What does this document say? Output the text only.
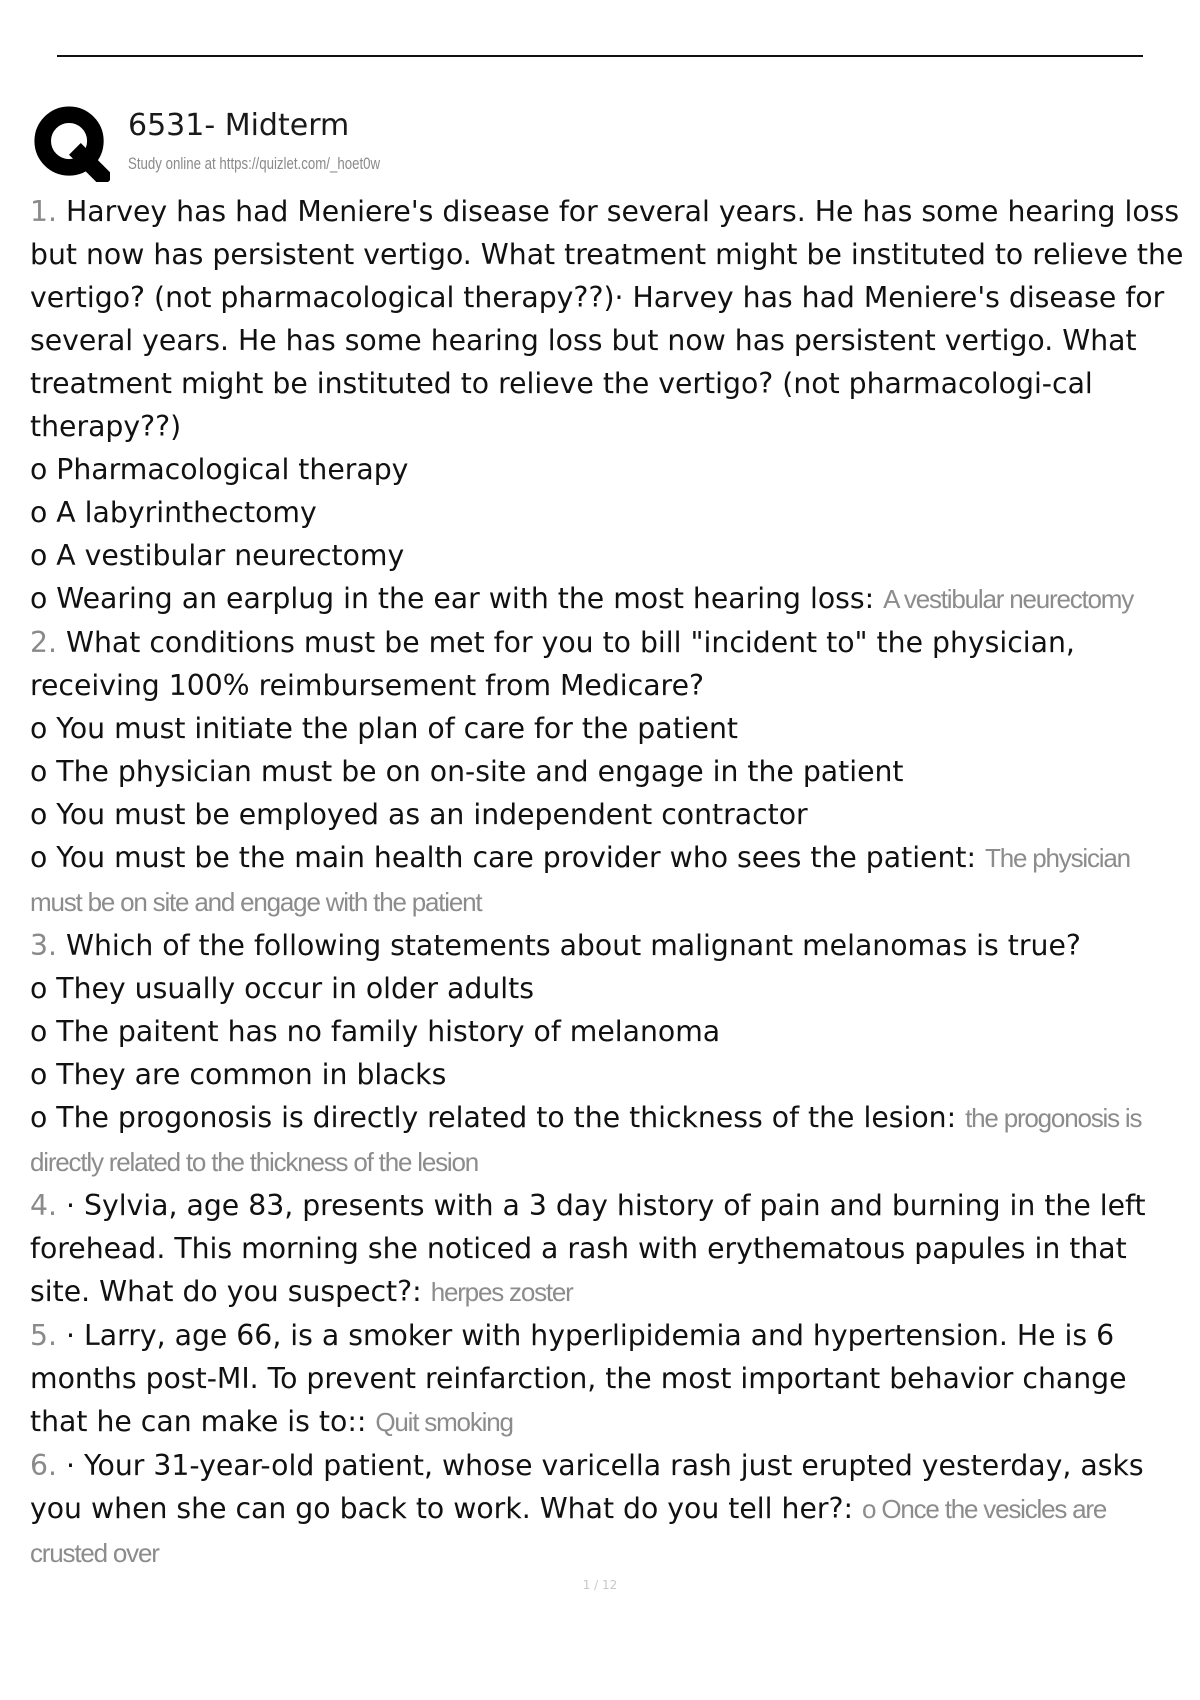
6531- Midterm
Study online at https://quizlet.com/_hoet0w

1. Harvey has had Meniere's disease for several years. He has some hearing loss but now has persistent vertigo. What treatment might be instituted to relieve the vertigo? (not pharmacological therapy??)· Harvey has had Meniere's disease for several years. He has some hearing loss but now has persistent vertigo. What treatment might be instituted to relieve the vertigo? (not pharmacologi-cal therapy??)

o Pharmacological therapy

o A labyrinthectomy

o A vestibular neurectomy

o Wearing an earplug in the ear with the most hearing loss: A vestibular neurectomy

2. What conditions must be met for you to bill "incident to" the physician, receiving 100% reimbursement from Medicare?

o You must initiate the plan of care for the patient

o The physician must be on on-site and engage in the patient

o You must be employed as an independent contractor

o You must be the main health care provider who sees the patient: The physician must be on site and engage with the patient

3. Which of the following statements about malignant melanomas is true?

o They usually occur in older adults

o The paitent has no family history of melanoma

o They are common in blacks

o The progonosis is directly related to the thickness of the lesion: the progonosis is directly related to the thickness of the lesion

4. · Sylvia, age 83, presents with a 3 day history of pain and burning in the left forehead. This morning she noticed a rash with erythematous papules in that site. What do you suspect?: herpes zoster

5. · Larry, age 66, is a smoker with hyperlipidemia and hypertension. He is 6 months post-MI. To prevent reinfarction, the most important behavior change that he can make is to:: Quit smoking

6. · Your 31-year-old patient, whose varicella rash just erupted yesterday, asks you when she can go back to work. What do you tell her?: o Once the vesicles are crusted over

1 / 12
